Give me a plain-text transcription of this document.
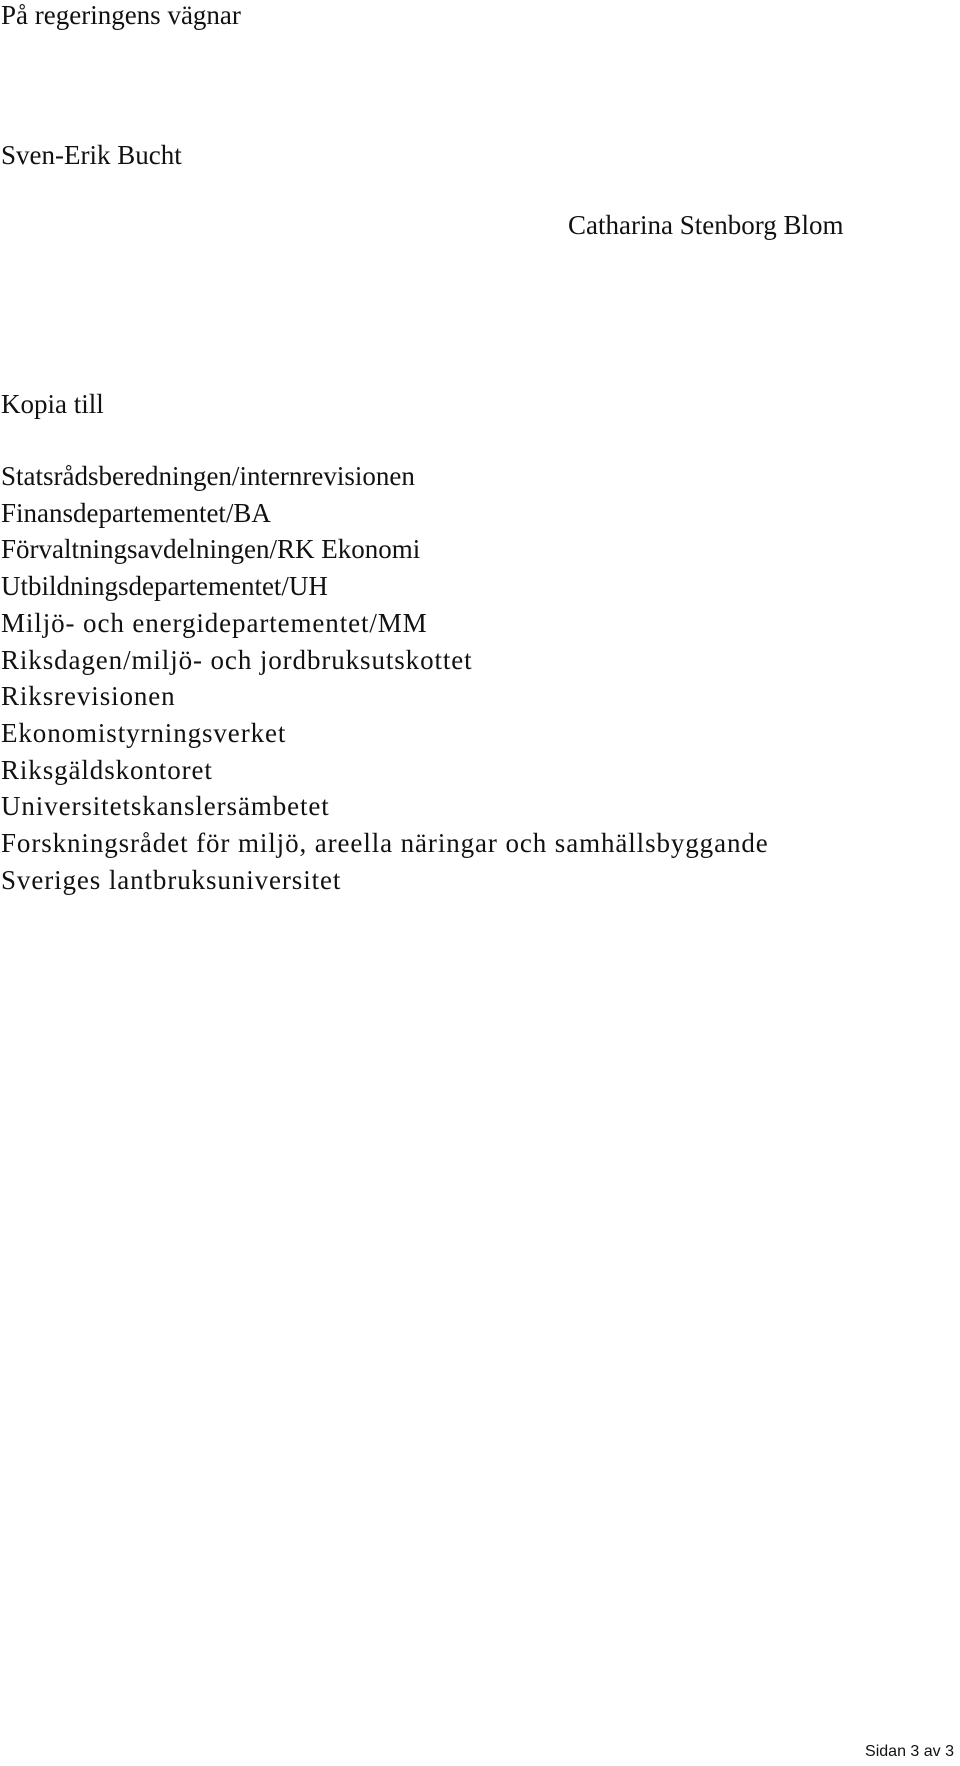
På regeringens vägnar
Sven-Erik Bucht
Catharina Stenborg Blom
Kopia till
Statsrådsberedningen/internrevisionen
Finansdepartementet/BA
Förvaltningsavdelningen/RK Ekonomi
Utbildningsdepartementet/UH
Miljö- och energidepartementet/MM
Riksdagen/miljö- och jordbruksutskottet
Riksrevisionen
Ekonomistyrningsverket
Riksgäldskontoret
Universitetskanslersämbetet
Forskningsrådet för miljö, areella näringar och samhällsbyggande
Sveriges lantbruksuniversitet
Sidan 3 av 3
